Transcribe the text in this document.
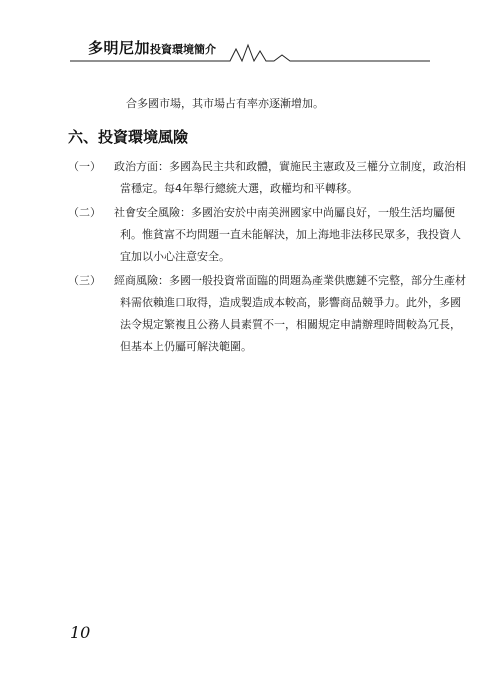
多明尼加投資環境簡介
合多國市場，其市場占有率亦逐漸增加。
六、投資環境風險
（一）	政治方面：多國為民主共和政體，實施民主憲政及三權分立制度，政治相
當穩定。每4年舉行總統大選，政權均和平轉移。
（二）	社會安全風險：多國治安於中南美洲國家中尚屬良好，一般生活均屬便
利。惟貧富不均問題一直未能解決，加上海地非法移民眾多，我投資人
宜加以小心注意安全。
（三）	經商風險：多國一般投資常面臨的問題為產業供應鏈不完整，部分生產材
料需依賴進口取得，造成製造成本較高，影響商品競爭力。此外，多國
法令規定繁複且公務人員素質不一，相關規定申請辦理時間較為冗長，
但基本上仍屬可解決範圍。
10
